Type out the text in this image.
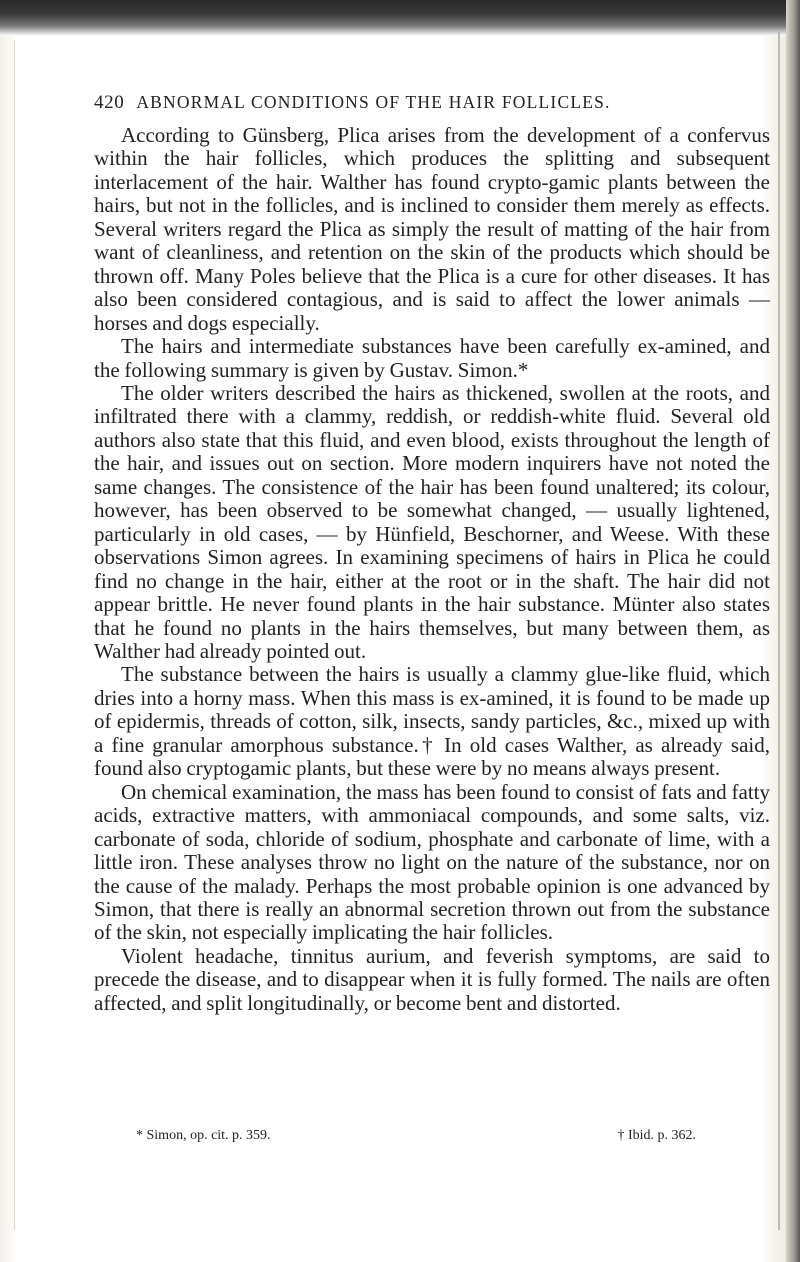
420 ABNORMAL CONDITIONS OF THE HAIR FOLLICLES.

According to Günsberg, Plica arises from the development of a confervus within the hair follicles, which produces the splitting and subsequent interlacement of the hair. Walther has found crypto-gamic plants between the hairs, but not in the follicles, and is inclined to consider them merely as effects. Several writers regard the Plica as simply the result of matting of the hair from want of cleanliness, and retention on the skin of the products which should be thrown off. Many Poles believe that the Plica is a cure for other diseases. It has also been considered contagious, and is said to affect the lower animals — horses and dogs especially.

The hairs and intermediate substances have been carefully ex-amined, and the following summary is given by Gustav. Simon.*

The older writers described the hairs as thickened, swollen at the roots, and infiltrated there with a clammy, reddish, or reddish-white fluid. Several old authors also state that this fluid, and even blood, exists throughout the length of the hair, and issues out on section. More modern inquirers have not noted the same changes. The consistence of the hair has been found unaltered; its colour, however, has been observed to be somewhat changed, — usually lightened, particularly in old cases, — by Hünfield, Beschorner, and Weese. With these observations Simon agrees. In examining specimens of hairs in Plica he could find no change in the hair, either at the root or in the shaft. The hair did not appear brittle. He never found plants in the hair substance. Münter also states that he found no plants in the hairs themselves, but many between them, as Walther had already pointed out.

The substance between the hairs is usually a clammy glue-like fluid, which dries into a horny mass. When this mass is ex-amined, it is found to be made up of epidermis, threads of cotton, silk, insects, sandy particles, &c., mixed up with a fine granular amorphous substance.† In old cases Walther, as already said, found also cryptogamic plants, but these were by no means always present.

On chemical examination, the mass has been found to consist of fats and fatty acids, extractive matters, with ammoniacal compounds, and some salts, viz. carbonate of soda, chloride of sodium, phosphate and carbonate of lime, with a little iron. These analyses throw no light on the nature of the substance, nor on the cause of the malady. Perhaps the most probable opinion is one advanced by Simon, that there is really an abnormal secretion thrown out from the substance of the skin, not especially implicating the hair follicles.

Violent headache, tinnitus aurium, and feverish symptoms, are said to precede the disease, and to disappear when it is fully formed. The nails are often affected, and split longitudinally, or become bent and distorted.

* Simon, op. cit. p. 359.	† Ibid. p. 362.
